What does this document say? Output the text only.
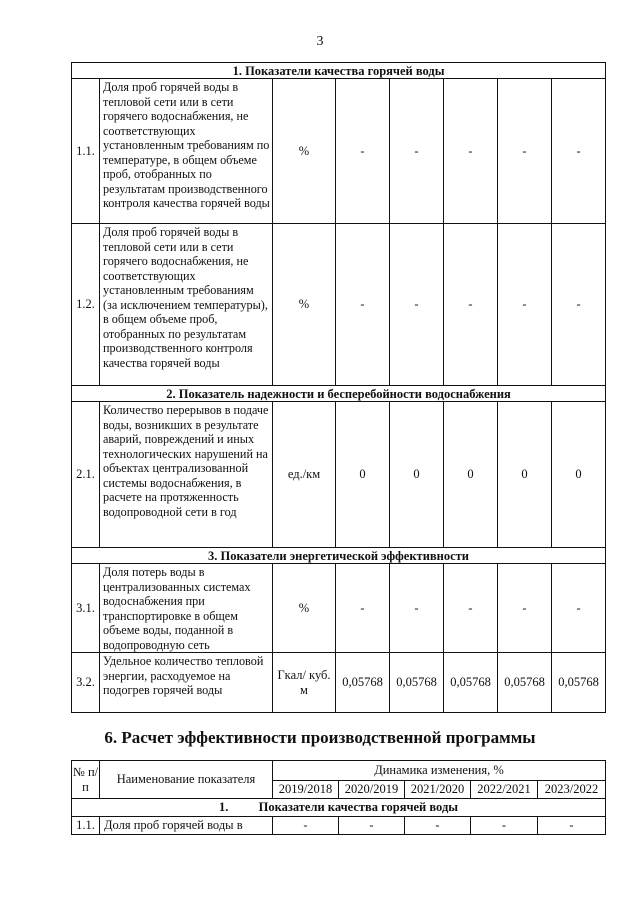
3
1. Показатели качества горячей воды							
1.1.	Доля проб горячей воды в тепловой сети или в сети горячего водоснабжения, не соответствующих установленным требованиям по температуре, в общем объеме проб, отобранных по результатам производственного контроля качества горячей воды	%	-	-	-	-	-
1.2.	Доля проб горячей воды в тепловой сети или в сети горячего водоснабжения, не соответствующих установленным требованиям (за исключением температуры), в общем объеме проб, отобранных по результатам производственного контроля качества горячей воды	%	-	-	-	-	-
2. Показатель надежности и бесперебойности водоснабжения							
2.1.	Количество перерывов в подаче воды, возникших в результате аварий, повреждений и иных технологических нарушений на объектах централизованной системы водоснабжения, в расчете на протяженность водопроводной сети в год	ед./км	0	0	0	0	0
3. Показатели энергетической эффективности							
3.1.	Доля потерь воды в централизованных системах водоснабжения при транспортировке в общем объеме воды, поданной в водопроводную сеть	%	-	-	-	-	-
3.2.	Удельное количество тепловой энергии, расходуемое на подогрев горячей воды	Гкал/ куб. м	0,05768	0,05768	0,05768	0,05768	0,05768
6. Расчет эффективности производственной программы
№ п/п	Наименование показателя	Динамика изменения, %				
		2019/2018	2020/2019	2021/2020	2022/2021	2023/2022
1. Показатели качества горячей воды						
1.1.	Доля проб горячей воды в	-	-	-	-	-
